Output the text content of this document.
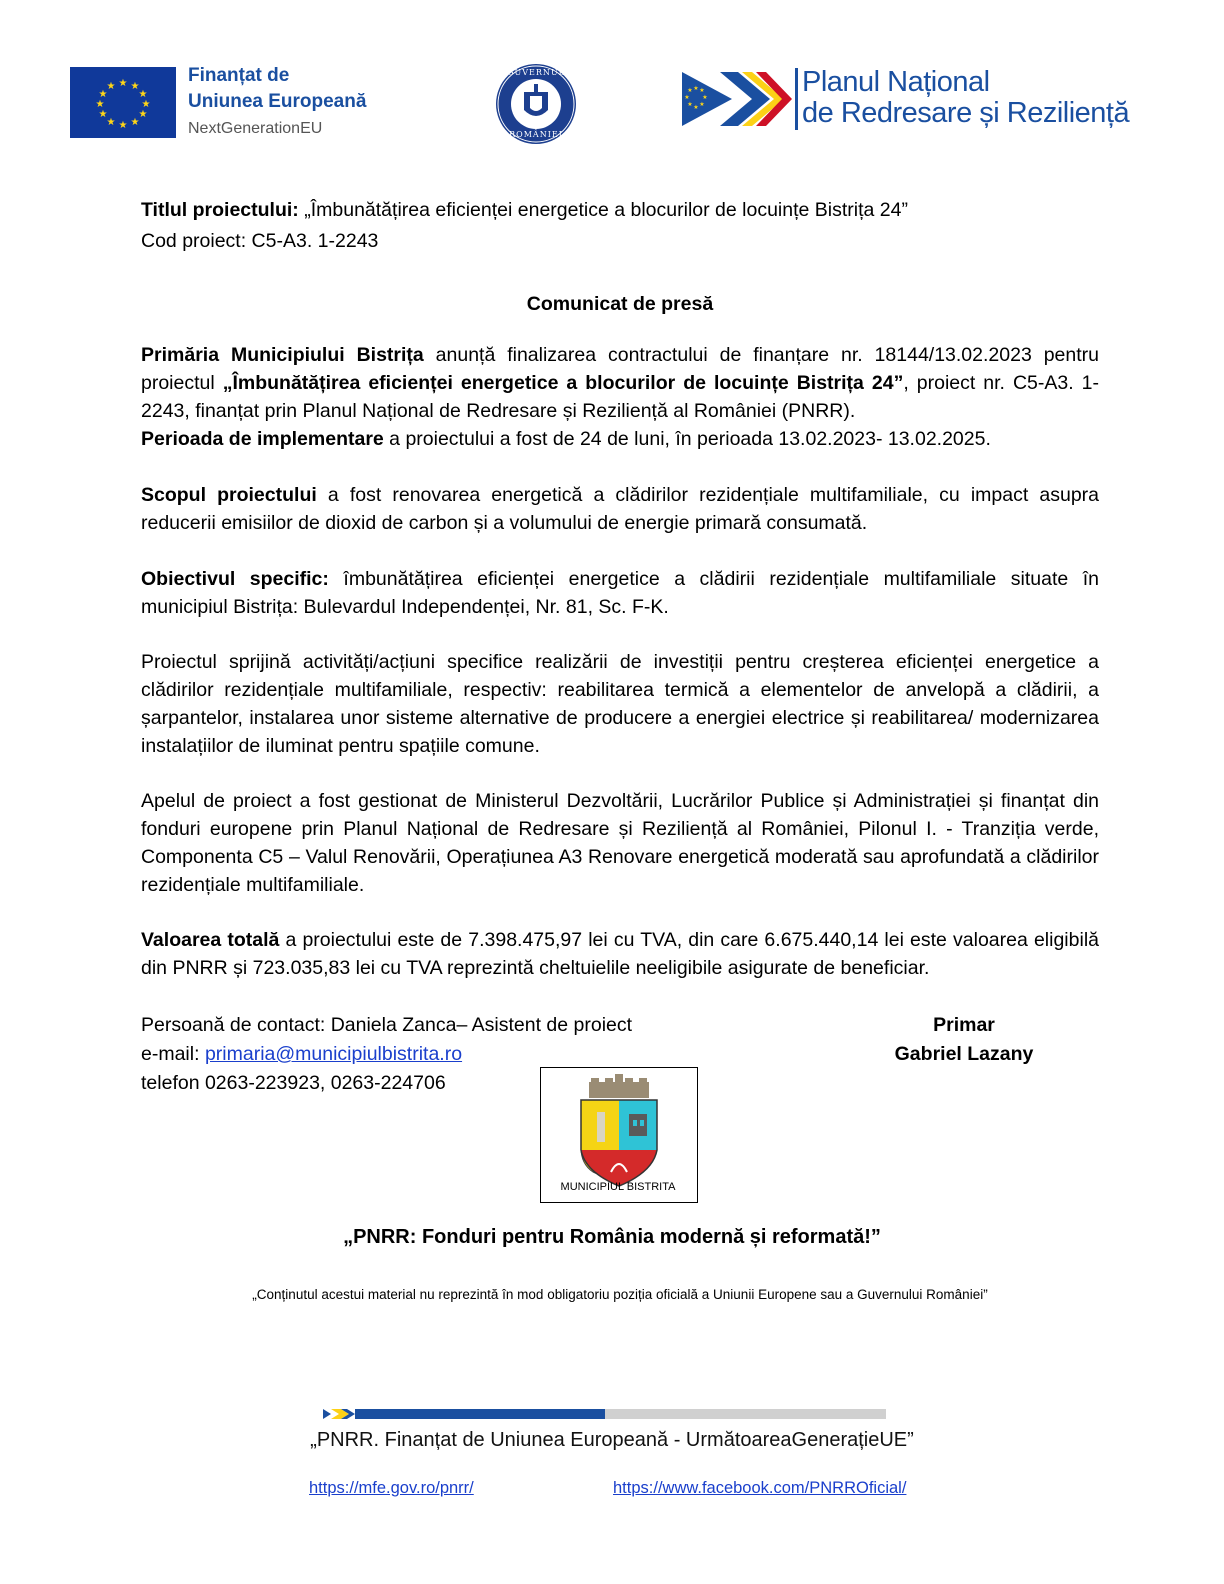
★ ★
★
★
★
★
★
★
★
★
★
★
Finanțat de
Uniunea Europeană
NextGenerationEU
GUVERNUL
ROMÂNIEI
★ ★
★
★
★
★
★
★	Planul Național
de Redresare și Reziliență
Titlul proiectului: „Îmbunătățirea eficienței energetice a blocurilor de locuințe Bistrița 24”
Cod proiect: C5-A3. 1-2243
Comunicat de presă
Primăria Municipiului Bistrița anunță finalizarea contractului de finanțare nr. 18144/13.02.2023 pentru proiectul „Îmbunătățirea eficienței energetice a blocurilor de locuințe Bistrița 24”, proiect nr. C5-A3. 1-2243, finanțat prin Planul Național de Redresare și Reziliență al României (PNRR).
Perioada de implementare a proiectului a fost de 24 de luni, în perioada 13.02.2023- 13.02.2025.
Scopul proiectului a fost renovarea energetică a clădirilor rezidențiale multifamiliale, cu impact asupra reducerii emisiilor de dioxid de carbon și a volumului de energie primară consumată.
Obiectivul specific: îmbunătățirea eficienței energetice a clădirii rezidențiale multifamiliale situate în municipiul Bistrița: Bulevardul Independenței, Nr. 81, Sc. F-K.
Proiectul sprijină activități/acțiuni specifice realizării de investiții pentru creșterea eficienței energetice a clădirilor rezidențiale multifamiliale, respectiv: reabilitarea termică a elementelor de anvelopă a clădirii, a șarpantelor, instalarea unor sisteme alternative de producere a energiei electrice și reabilitarea/ modernizarea instalațiilor de iluminat pentru spațiile comune.
Apelul de proiect a fost gestionat de Ministerul Dezvoltării, Lucrărilor Publice și Administrației și finanțat din fonduri europene prin Planul Național de Redresare și Reziliență al României, Pilonul I. - Tranziția verde, Componenta C5 – Valul Renovării, Operațiunea A3 Renovare energetică moderată sau aprofundată a clădirilor rezidențiale multifamiliale.
Valoarea totală a proiectului este de 7.398.475,97 lei cu TVA, din care 6.675.440,14 lei este valoarea eligibilă din PNRR și 723.035,83 lei cu TVA reprezintă cheltuielile neeligibile asigurate de beneficiar.
Persoană de contact: Daniela Zanca– Asistent de proiect
e-mail: primaria@municipiulbistrita.ro
telefon 0263-223923, 0263-224706
Primar
Gabriel Lazany
MUNICIPIUL BISTRITA
„PNRR: Fonduri pentru România modernă și reformată!”
„Conținutul acestui material nu reprezintă în mod obligatoriu poziția oficială a Uniunii Europene sau a Guvernului României”
„PNRR. Finanțat de Uniunea Europeană - UrmătoareaGenerațieUE”
https://mfe.gov.ro/pnrr/	https://www.facebook.com/PNRROficial/
